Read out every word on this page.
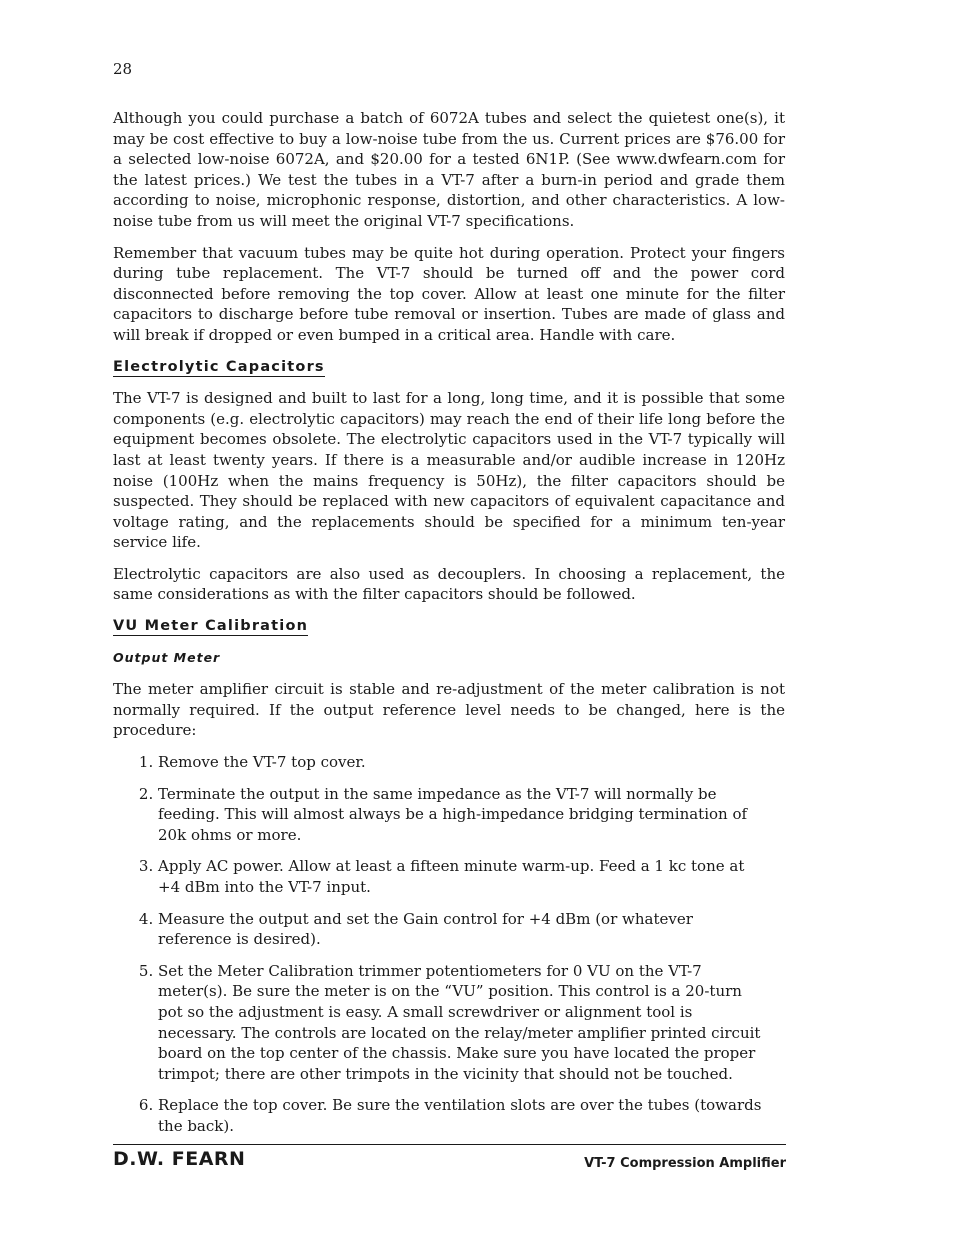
28

Although you could purchase a batch of 6072A tubes and select the quietest one(s), it may be cost effective to buy a low-noise tube from the us. Current prices are $76.00 for a selected low-noise 6072A, and $20.00 for a tested 6N1P. (See www.dwfearn.com for the latest prices.) We test the tubes in a VT-7 after a burn-in period and grade them according to noise, microphonic response, distortion, and other characteristics. A low-noise tube from us will meet the original VT-7 specifications.

Remember that vacuum tubes may be quite hot during operation. Protect your fingers during tube replacement. The VT-7 should be turned off and the power cord disconnected before removing the top cover. Allow at least one minute for the filter capacitors to discharge before tube removal or insertion. Tubes are made of glass and will break if dropped or even bumped in a critical area. Handle with care.

Electrolytic Capacitors

The VT-7 is designed and built to last for a long, long time, and it is possible that some components (e.g. electrolytic capacitors) may reach the end of their life long before the equipment becomes obsolete. The electrolytic capacitors used in the VT-7 typically will last at least twenty years. If there is a measurable and/or audible increase in 120Hz noise (100Hz when the mains frequency is 50Hz), the filter capacitors should be suspected. They should be replaced with new capacitors of equivalent capacitance and voltage rating, and the replacements should be specified for a minimum ten-year service life.

Electrolytic capacitors are also used as decouplers. In choosing a replacement, the same considerations as with the filter capacitors should be followed.

VU Meter Calibration
Output Meter

The meter amplifier circuit is stable and re-adjustment of the meter calibration is not normally required. If the output reference level needs to be changed, here is the procedure:

1. Remove the VT-7 top cover.
2. Terminate the output in the same impedance as the VT-7 will normally be feeding. This will almost always be a high-impedance bridging termination of 20k ohms or more.
3. Apply AC power. Allow at least a fifteen minute warm-up. Feed a 1 kc tone at +4 dBm into the VT-7 input.
4. Measure the output and set the Gain control for +4 dBm (or whatever reference is desired).
5. Set the Meter Calibration trimmer potentiometers for 0 VU on the VT-7 meter(s). Be sure the meter is on the “VU” position. This control is a 20-turn pot so the adjustment is easy. A small screwdriver or alignment tool is necessary. The controls are located on the relay/meter amplifier printed circuit board on the top center of the chassis. Make sure you have located the proper trimpot; there are other trimpots in the vicinity that should not be touched.
6. Replace the top cover. Be sure the ventilation slots are over the tubes (towards the back).
D.W. FEARN	VT-7 Compression Amplifier
